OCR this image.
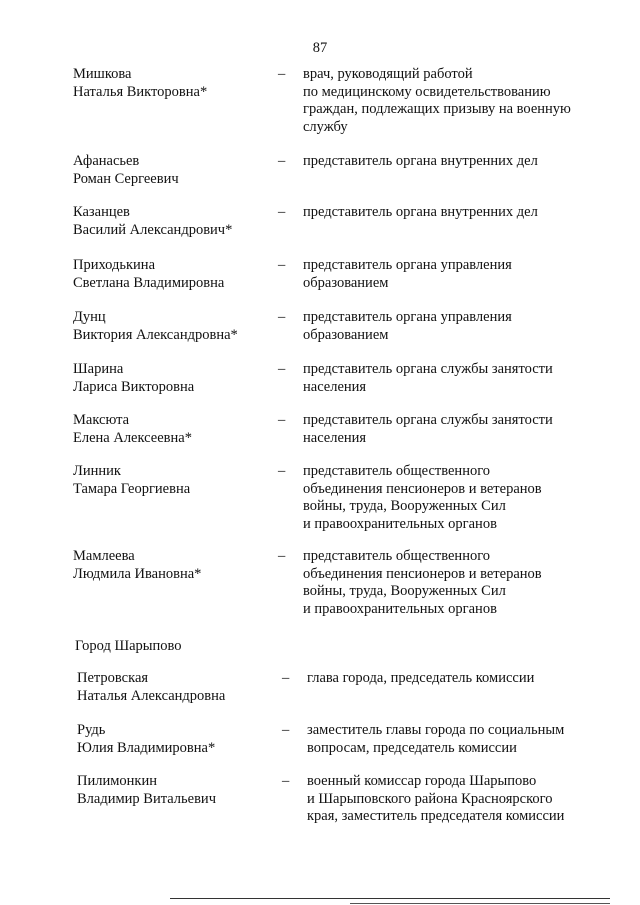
87
Мишкова
Наталья Викторовна*
– врач, руководящий работой
по медицинскому освидетельствованию
граждан, подлежащих призыву на военную
службу
Афанасьев
Роман Сергеевич
– представитель органа внутренних дел
Казанцев
Василий Александрович*
– представитель органа внутренних дел
Приходькина
Светлана Владимировна
– представитель органа управления
образованием
Дунц
Виктория Александровна*
– представитель органа управления
образованием
Шарина
Лариса Викторовна
– представитель органа службы занятости
населения
Максюта
Елена Алексеевна*
– представитель органа службы занятости
населения
Линник
Тамара Георгиевна
– представитель общественного
объединения пенсионеров и ветеранов
войны, труда, Вооруженных Сил
и правоохранительных органов
Мамлеева
Людмила Ивановна*
– представитель общественного
объединения пенсионеров и ветеранов
войны, труда, Вооруженных Сил
и правоохранительных органов
Город Шарыпово
Петровская
Наталья Александровна
– глава города, председатель комиссии
Рудь
Юлия Владимировна*
– заместитель главы города по социальным
вопросам, председатель комиссии
Пилимонкин
Владимир Витальевич
– военный комиссар города Шарыпово
и Шарыповского района Красноярского
края, заместитель председателя комиссии
